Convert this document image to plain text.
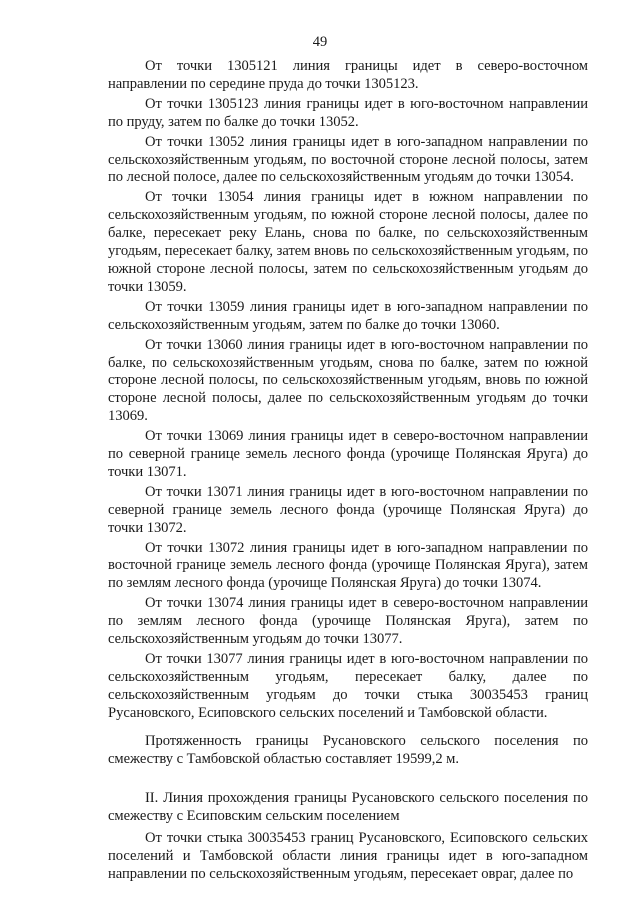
49

От точки 1305121 линия границы идет в северо-восточном направлении по середине пруда до точки 1305123.

От точки 1305123 линия границы идет в юго-восточном направлении по пруду, затем по балке до точки 13052.

От точки 13052 линия границы идет в юго-западном направлении по сельскохозяйственным угодьям, по восточной стороне лесной полосы, затем по лесной полосе, далее по сельскохозяйственным угодьям до точки 13054.

От точки 13054 линия границы идет в южном направлении по сельскохозяйственным угодьям, по южной стороне лесной полосы, далее по балке, пересекает реку Елань, снова по балке, по сельскохозяйственным угодьям, пересекает балку, затем вновь по сельскохозяйственным угодьям, по южной стороне лесной полосы, затем по сельскохозяйственным угодьям до точки 13059.

От точки 13059 линия границы идет в юго-западном направлении по сельскохозяйственным угодьям, затем по балке до точки 13060.

От точки 13060 линия границы идет в юго-восточном направлении по балке, по сельскохозяйственным угодьям, снова по балке, затем по южной стороне лесной полосы, по сельскохозяйственным угодьям, вновь по южной стороне лесной полосы, далее по сельскохозяйственным угодьям до точки 13069.

От точки 13069 линия границы идет в северо-восточном направлении по северной границе земель лесного фонда (урочище Полянская Яруга) до точки 13071.

От точки 13071 линия границы идет в юго-восточном направлении по северной границе земель лесного фонда (урочище Полянская Яруга) до точки 13072.

От точки 13072 линия границы идет в юго-западном направлении по восточной границе земель лесного фонда (урочище Полянская Яруга), затем по землям лесного фонда (урочище Полянская Яруга) до точки 13074.

От точки 13074 линия границы идет в северо-восточном направлении по землям лесного фонда (урочище Полянская Яруга), затем по сельскохозяйственным угодьям до точки 13077.

От точки 13077 линия границы идет в юго-восточном направлении по сельскохозяйственным угодьям, пересекает балку, далее по сельскохозяйственным угодьям до точки стыка 30035453 границ Русановского, Есиповского сельских поселений и Тамбовской области.

Протяженность границы Русановского сельского поселения по смежеству с Тамбовской областью составляет 19599,2 м.

II. Линия прохождения границы Русановского сельского поселения по смежеству с Есиповским сельским поселением

От точки стыка 30035453 границ Русановского, Есиповского сельских поселений и Тамбовской области линия границы идет в юго-западном направлении по сельскохозяйственным угодьям, пересекает овраг, далее по
